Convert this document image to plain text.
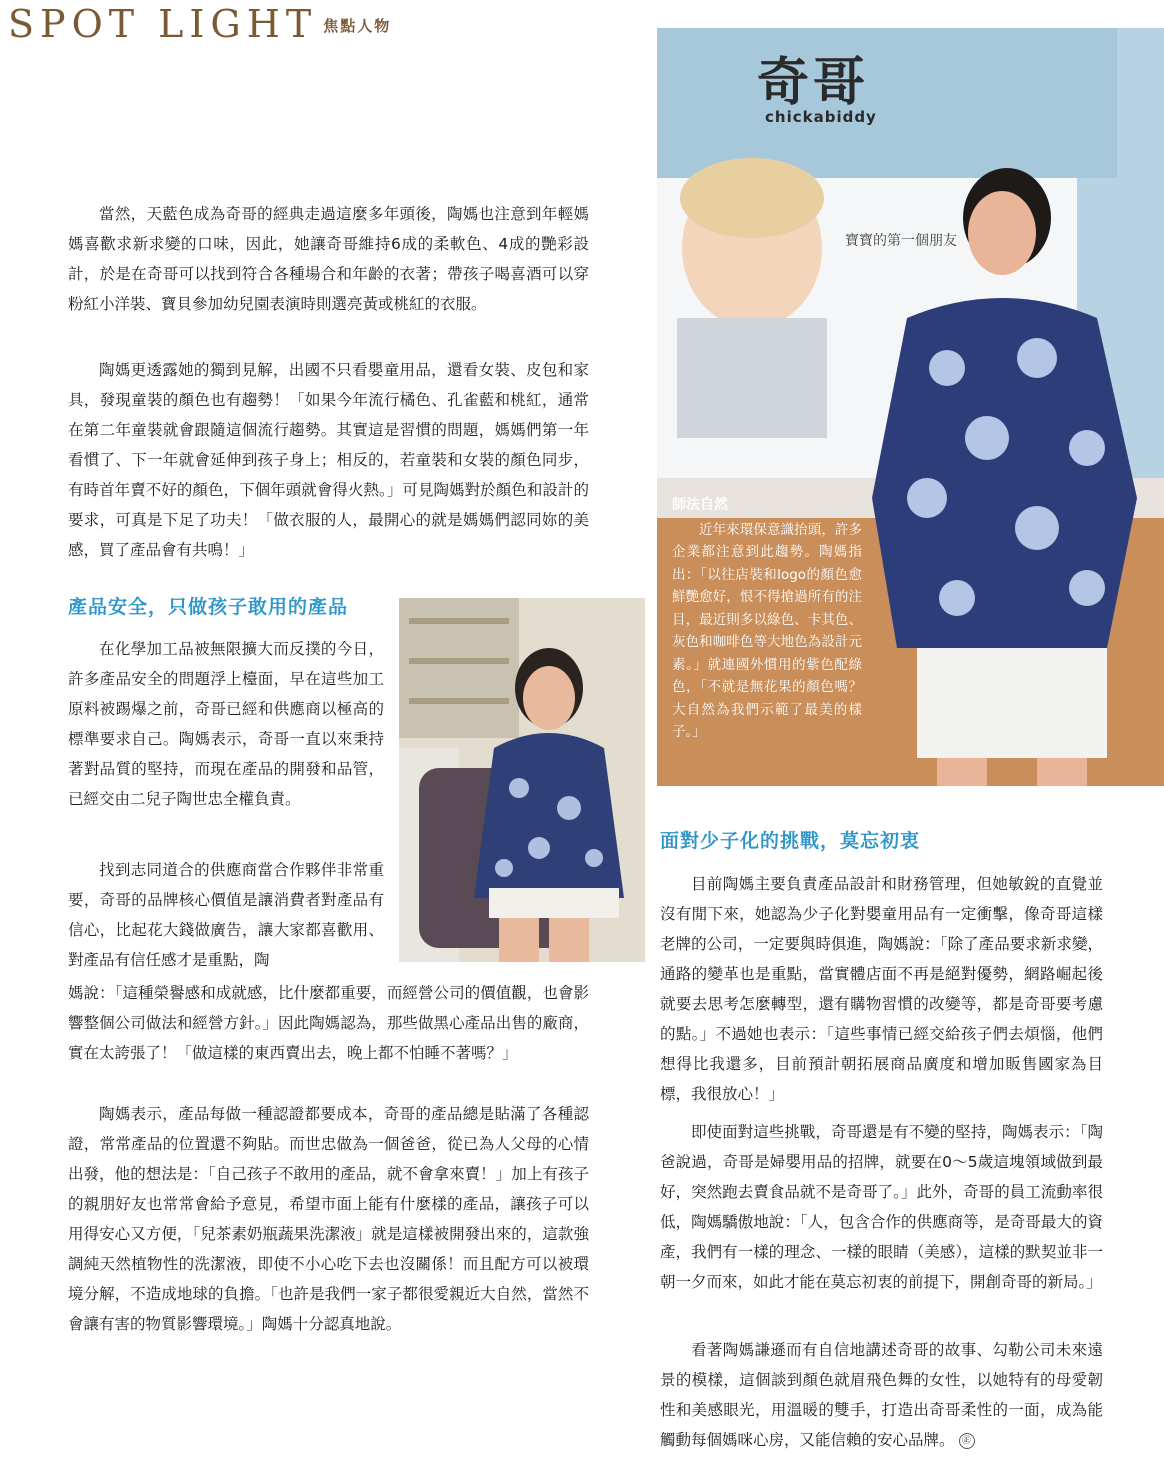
SPOT LIGHT 焦點人物

當然，天藍色成為奇哥的經典走過這麼多年頭後，陶媽也注意到年輕媽媽喜歡求新求變的口味，因此，她讓奇哥維持6成的柔軟色、4成的艷彩設計，於是在奇哥可以找到符合各種場合和年齡的衣著；帶孩子喝喜酒可以穿粉紅小洋裝、寶貝參加幼兒園表演時則選亮黃或桃紅的衣服。

陶媽更透露她的獨到見解，出國不只看嬰童用品，還看女裝、皮包和家具，發現童裝的顏色也有趨勢！「如果今年流行橘色、孔雀藍和桃紅，通常在第二年童裝就會跟隨這個流行趨勢。其實這是習慣的問題，媽媽們第一年看慣了、下一年就會延伸到孩子身上；相反的，若童裝和女裝的顏色同步，有時首年賣不好的顏色，下個年頭就會得火熱。」可見陶媽對於顏色和設計的要求，可真是下足了功夫！「做衣服的人，最開心的就是媽媽們認同妳的美感，買了產品會有共鳴！」

產品安全，只做孩子敢用的產品

在化學加工品被無限擴大而反撲的今日，許多產品安全的問題浮上檯面，早在這些加工原料被踢爆之前，奇哥已經和供應商以極高的標準要求自己。陶媽表示，奇哥一直以來秉持著對品質的堅持，而現在產品的開發和品管，已經交由二兒子陶世忠全權負責。

找到志同道合的供應商當合作夥伴非常重要，奇哥的品牌核心價值是讓消費者對產品有信心，比起花大錢做廣告，讓大家都喜歡用、對產品有信任感才是重點，陶

媽說：「這種榮譽感和成就感，比什麼都重要，而經營公司的價值觀，也會影響整個公司做法和經營方針。」因此陶媽認為，那些做黑心產品出售的廠商，實在太誇張了！「做這樣的東西賣出去，晚上都不怕睡不著嗎？」

陶媽表示，產品每做一種認證都要成本，奇哥的產品總是貼滿了各種認證，常常產品的位置還不夠貼。而世忠做為一個爸爸，從已為人父母的心情出發，他的想法是：「自己孩子不敢用的產品，就不會拿來賣！」加上有孩子的親朋好友也常常會給予意見，希望市面上能有什麼樣的產品，讓孩子可以用得安心又方便，「兒茶素奶瓶蔬果洗潔液」就是這樣被開發出來的，這款強調純天然植物性的洗潔液，即使不小心吃下去也沒關係！而且配方可以被環境分解，不造成地球的負擔。「也許是我們一家子都很愛親近大自然，當然不會讓有害的物質影響環境。」陶媽十分認真地說。

奇哥
chickabiddy
寶寶的第一個朋友
師法自然

近年來環保意識抬頭，許多企業都注意到此趨勢。陶媽指出：「以往店裝和logo的顏色愈鮮艷愈好，恨不得搶過所有的注目，最近則多以綠色、卡其色、灰色和咖啡色等大地色為設計元素。」就連國外慣用的紫色配綠色，「不就是無花果的顏色嗎？大自然為我們示範了最美的樣子。」

面對少子化的挑戰，莫忘初衷

目前陶媽主要負責產品設計和財務管理，但她敏銳的直覺並沒有閒下來，她認為少子化對嬰童用品有一定衝擊，像奇哥這樣老牌的公司，一定要與時俱進，陶媽說：「除了產品要求新求變，通路的變革也是重點，當實體店面不再是絕對優勢，網路崛起後就要去思考怎麼轉型，還有購物習慣的改變等，都是奇哥要考慮的點。」不過她也表示：「這些事情已經交給孩子們去煩惱，他們想得比我還多，目前預計朝拓展商品廣度和增加販售國家為目標，我很放心！」

即使面對這些挑戰，奇哥還是有不變的堅持，陶媽表示：「陶爸說過，奇哥是婦嬰用品的招牌，就要在0～5歲這塊領域做到最好，突然跑去賣食品就不是奇哥了。」此外，奇哥的員工流動率很低，陶媽驕傲地說：「人，包含合作的供應商等，是奇哥最大的資產，我們有一樣的理念、一樣的眼睛（美感），這樣的默契並非一朝一夕而來，如此才能在莫忘初衷的前提下，開創奇哥的新局。」

看著陶媽謙遜而有自信地講述奇哥的故事、勾勒公司未來遠景的模樣，這個談到顏色就眉飛色舞的女性，以她特有的母愛韌性和美感眼光，用溫暖的雙手，打造出奇哥柔性的一面，成為能觸動每個媽咪心房，又能信賴的安心品牌。 ㊣
